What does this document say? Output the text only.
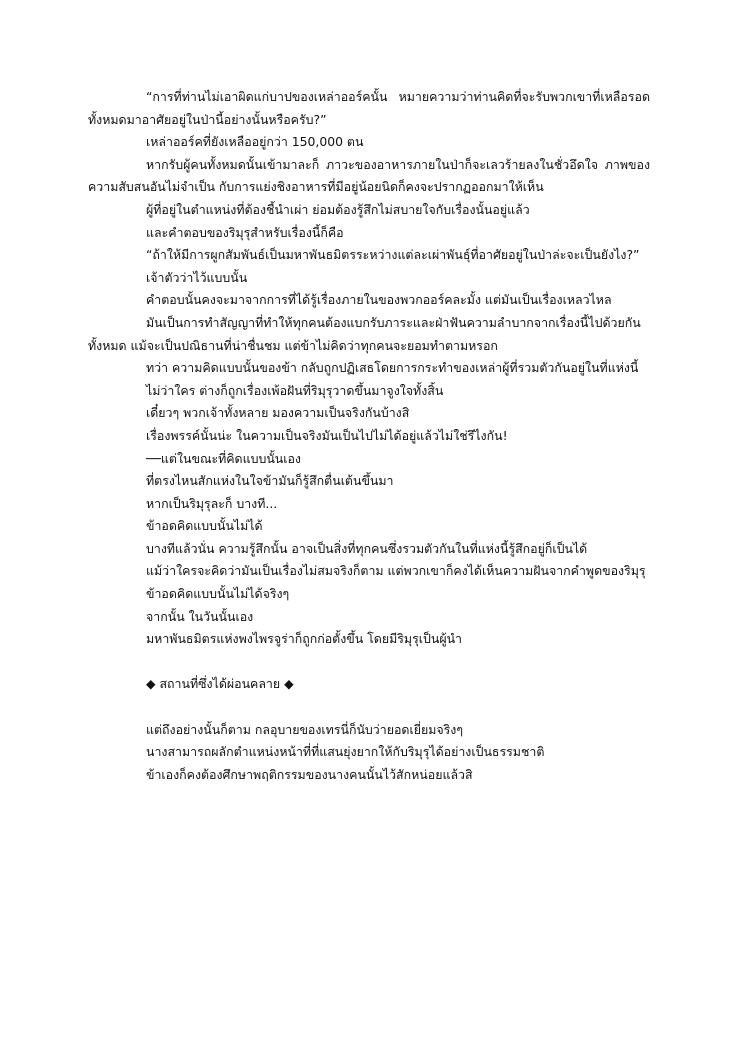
“การที่ท่านไม่เอาผิดแก่บาปของเหล่าออร์คนั้น หมายความว่าท่านคิดที่จะรับพวกเขาที่เหลือรอดทั้งหมดมาอาศัยอยู่ในป่านี้อย่างนั้นหรือครับ?”

เหล่าออร์คที่ยังเหลืออยู่กว่า 150,000 ตน

หากรับผู้คนทั้งหมดนั้นเข้ามาละก็ ภาวะของอาหารภายในป่าก็จะเลวร้ายลงในชั่วอึดใจ ภาพของความสับสนอันไม่จำเป็น กับการแย่งชิงอาหารที่มีอยู่น้อยนิดก็คงจะปรากฏออกมาให้เห็น

ผู้ที่อยู่ในตำแหน่งที่ต้องชี้นำเผ่า ย่อมต้องรู้สึกไม่สบายใจกับเรื่องนั้นอยู่แล้ว

และคำตอบของริมุรุสำหรับเรื่องนี้ก็คือ

“ถ้าให้มีการผูกสัมพันธ์เป็นมหาพันธมิตรระหว่างแต่ละเผ่าพันธุ์ที่อาศัยอยู่ในป่าล่ะจะเป็นยังไง?”

เจ้าตัวว่าไว้แบบนั้น

คำตอบนั้นคงจะมาจากการที่ได้รู้เรื่องภายในของพวกออร์คละมั้ง แต่มันเป็นเรื่องเหลวไหล

มันเป็นการทำสัญญาที่ทำให้ทุกคนต้องแบกรับภาระและฝ่าฟันความลำบากจากเรื่องนี้ไปด้วยกันทั้งหมด แม้จะเป็นปณิธานที่น่าชื่นชม แต่ข้าไม่คิดว่าทุกคนจะยอมทำตามหรอก

ทว่า ความคิดแบบนั้นของข้า กลับถูกปฏิเสธโดยการกระทำของเหล่าผู้ที่รวมตัวกันอยู่ในที่แห่งนี้

ไม่ว่าใคร ต่างก็ถูกเรื่องเพ้อฝันที่ริมุรุวาดขึ้นมาจูงใจทั้งสิ้น

เดี๋ยวๆ พวกเจ้าทั้งหลาย มองความเป็นจริงกันบ้างสิ

เรื่องพรรค์นั้นน่ะ ในความเป็นจริงมันเป็นไปไม่ได้อยู่แล้วไม่ใช่รึไงกัน!

──แต่ในขณะที่คิดแบบนั้นเอง

ที่ตรงไหนสักแห่งในใจข้ามันก็รู้สึกตื่นเต้นขึ้นมา

หากเป็นริมุรุละก็ บางที...

ข้าอดคิดแบบนั้นไม่ได้

บางทีแล้วนั่น ความรู้สึกนั้น อาจเป็นสิ่งที่ทุกคนซึ่งรวมตัวกันในที่แห่งนี้รู้สึกอยู่ก็เป็นได้

แม้ว่าใครจะคิดว่ามันเป็นเรื่องไม่สมจริงก็ตาม แต่พวกเขาก็คงได้เห็นความฝันจากคำพูดของริมุรุ

ข้าอดคิดแบบนั้นไม่ได้จริงๆ

จากนั้น ในวันนั้นเอง

มหาพันธมิตรแห่งพงไพรจูร่าก็ถูกก่อตั้งขึ้น โดยมีริมุรุเป็นผู้นำ

◆ สถานที่ซึ่งได้ผ่อนคลาย ◆

แต่ถึงอย่างนั้นก็ตาม กลอุบายของเทรนี่ก็นับว่ายอดเยี่ยมจริงๆ

นางสามารถผลักตำแหน่งหน้าที่ที่แสนยุ่งยากให้กับริมุรุได้อย่างเป็นธรรมชาติ

ข้าเองก็คงต้องศึกษาพฤติกรรมของนางคนนั้นไว้สักหน่อยแล้วสิ
